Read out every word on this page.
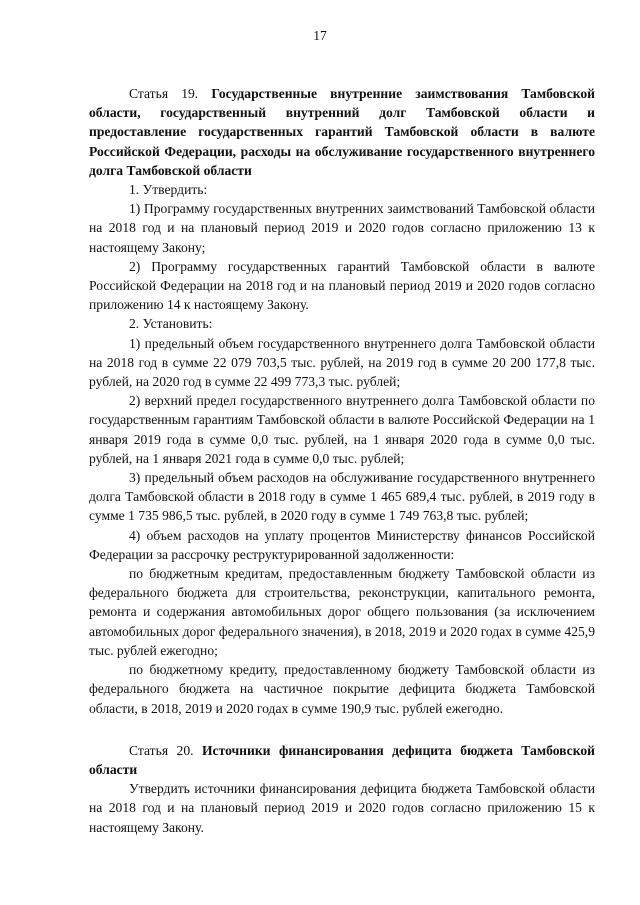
17

Статья 19. Государственные внутренние заимствования Тамбовской области, государственный внутренний долг Тамбовской области и предоставление государственных гарантий Тамбовской области в валюте Российской Федерации, расходы на обслуживание государственного внутреннего долга Тамбовской области

1. Утвердить:

1) Программу государственных внутренних заимствований Тамбовской области на 2018 год и на плановый период 2019 и 2020 годов согласно приложению 13 к настоящему Закону;

2) Программу государственных гарантий Тамбовской области в валюте Российской Федерации на 2018 год и на плановый период 2019 и 2020 годов согласно приложению 14 к настоящему Закону.

2. Установить:

1) предельный объем государственного внутреннего долга Тамбовской области на 2018 год в сумме 22 079 703,5 тыс. рублей, на 2019 год в сумме 20 200 177,8 тыс. рублей, на 2020 год в сумме 22 499 773,3 тыс. рублей;

2) верхний предел государственного внутреннего долга Тамбовской области по государственным гарантиям Тамбовской области в валюте Российской Федерации на 1 января 2019 года в сумме 0,0 тыс. рублей, на 1 января 2020 года в сумме 0,0 тыс. рублей, на 1 января 2021 года в сумме 0,0 тыс. рублей;

3) предельный объем расходов на обслуживание государственного внутреннего долга Тамбовской области в 2018 году в сумме 1 465 689,4 тыс. рублей, в 2019 году в сумме 1 735 986,5 тыс. рублей, в 2020 году в сумме 1 749 763,8 тыс. рублей;

4) объем расходов на уплату процентов Министерству финансов Российской Федерации за рассрочку реструктурированной задолженности:

по бюджетным кредитам, предоставленным бюджету Тамбовской области из федерального бюджета для строительства, реконструкции, капитального ремонта, ремонта и содержания автомобильных дорог общего пользования (за исключением автомобильных дорог федерального значения), в 2018, 2019 и 2020 годах в сумме 425,9 тыс. рублей ежегодно;

по бюджетному кредиту, предоставленному бюджету Тамбовской области из федерального бюджета на частичное покрытие дефицита бюджета Тамбовской области, в 2018, 2019 и 2020 годах в сумме 190,9 тыс. рублей ежегодно.

Статья 20. Источники финансирования дефицита бюджета Тамбовской области

Утвердить источники финансирования дефицита бюджета Тамбовской области на 2018 год и на плановый период 2019 и 2020 годов согласно приложению 15 к настоящему Закону.
